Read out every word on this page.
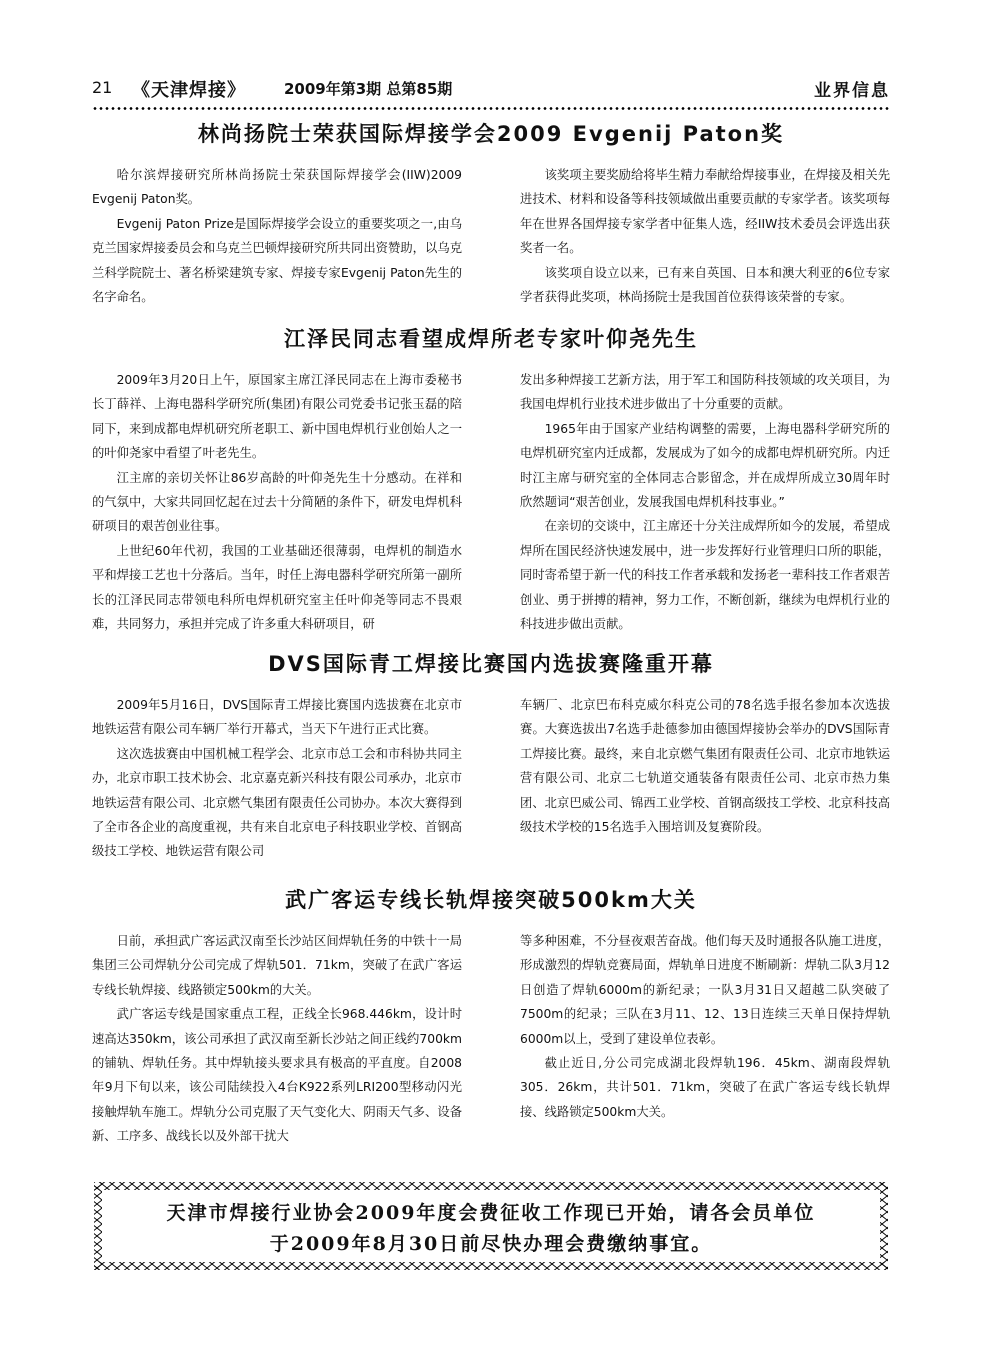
21 《天津焊接》	2009年第3期 总第85期	业界信息
林尚扬院士荣获国际焊接学会2009 Evgenij Paton奖

哈尔滨焊接研究所林尚扬院士荣获国际焊接学会(IIW)2009 Evgenij Paton奖。

Evgenij Paton Prize是国际焊接学会设立的重要奖项之一,由乌克兰国家焊接委员会和乌克兰巴顿焊接研究所共同出资赞助，以乌克兰科学院院士、著名桥梁建筑专家、焊接专家Evgenij Paton先生的名字命名。

该奖项主要奖励给将毕生精力奉献给焊接事业，在焊接及相关先进技术、材料和设备等科技领域做出重要贡献的专家学者。该奖项每年在世界各国焊接专家学者中征集人选，经IIW技术委员会评选出获奖者一名。

该奖项自设立以来，已有来自英国、日本和澳大利亚的6位专家学者获得此奖项，林尚扬院士是我国首位获得该荣誉的专家。

江泽民同志看望成焊所老专家叶仰尧先生

2009年3月20日上午，原国家主席江泽民同志在上海市委秘书长丁薛祥、上海电器科学研究所(集团)有限公司党委书记张玉磊的陪同下，来到成都电焊机研究所老职工、新中国电焊机行业创始人之一的叶仰尧家中看望了叶老先生。

江主席的亲切关怀让86岁高龄的叶仰尧先生十分感动。在祥和的气氛中，大家共同回忆起在过去十分简陋的条件下，研发电焊机科研项目的艰苦创业往事。

上世纪60年代初，我国的工业基础还很薄弱，电焊机的制造水平和焊接工艺也十分落后。当年，时任上海电器科学研究所第一副所长的江泽民同志带领电科所电焊机研究室主任叶仰尧等同志不畏艰难，共同努力，承担并完成了许多重大科研项目，研

发出多种焊接工艺新方法，用于军工和国防科技领域的攻关项目，为我国电焊机行业技术进步做出了十分重要的贡献。

1965年由于国家产业结构调整的需要，上海电器科学研究所的电焊机研究室内迁成都，发展成为了如今的成都电焊机研究所。内迁时江主席与研究室的全体同志合影留念，并在成焊所成立30周年时欣然题词“艰苦创业，发展我国电焊机科技事业。”

在亲切的交谈中，江主席还十分关注成焊所如今的发展，希望成焊所在国民经济快速发展中，进一步发挥好行业管理归口所的职能，同时寄希望于新一代的科技工作者承载和发扬老一辈科技工作者艰苦创业、勇于拼搏的精神，努力工作，不断创新，继续为电焊机行业的科技进步做出贡献。

DVS国际青工焊接比赛国内选拔赛隆重开幕

2009年5月16日，DVS国际青工焊接比赛国内选拔赛在北京市地铁运营有限公司车辆厂举行开幕式，当天下午进行正式比赛。

这次选拔赛由中国机械工程学会、北京市总工会和市科协共同主办，北京市职工技术协会、北京嘉克新兴科技有限公司承办，北京市地铁运营有限公司、北京燃气集团有限责任公司协办。本次大赛得到了全市各企业的高度重视，共有来自北京电子科技职业学校、首钢高级技工学校、地铁运营有限公司

车辆厂、北京巴布科克威尔科克公司的78名选手报名参加本次选拔赛。大赛选拔出7名选手赴德参加由德国焊接协会举办的DVS国际青工焊接比赛。最终，来自北京燃气集团有限责任公司、北京市地铁运营有限公司、北京二七轨道交通装备有限责任公司、北京市热力集团、北京巴威公司、锦西工业学校、首钢高级技工学校、北京科技高级技术学校的15名选手入围培训及复赛阶段。

武广客运专线长轨焊接突破500km大关

日前，承担武广客运武汉南至长沙站区间焊轨任务的中铁十一局集团三公司焊轨分公司完成了焊轨501．71km，突破了在武广客运专线长轨焊接、线路锁定500km的大关。

武广客运专线是国家重点工程，正线全长968.446km，设计时速高达350km，该公司承担了武汉南至新长沙站之间正线约700km的铺轨、焊轨任务。其中焊轨接头要求具有极高的平直度。自2008年9月下旬以来，该公司陆续投入4台K922系列LRI200型移动闪光接触焊轨车施工。焊轨分公司克服了天气变化大、阴雨天气多、设备新、工序多、战线长以及外部干扰大

等多种困难，不分昼夜艰苦奋战。他们每天及时通报各队施工进度，形成激烈的焊轨竞赛局面，焊轨单日进度不断刷新：焊轨二队3月12日创造了焊轨6000m的新纪录；一队3月31日又超越二队突破了7500m的纪录；三队在3月11、12、13日连续三天单日保持焊轨6000m以上，受到了建设单位表彰。

截止近日,分公司完成湖北段焊轨196．45km、湖南段焊轨305．26km，共计501．71km，突破了在武广客运专线长轨焊接、线路锁定500km大关。

天津市焊接行业协会2009年度会费征收工作现已开始，请各会员单位
于2009年8月30日前尽快办理会费缴纳事宜。
